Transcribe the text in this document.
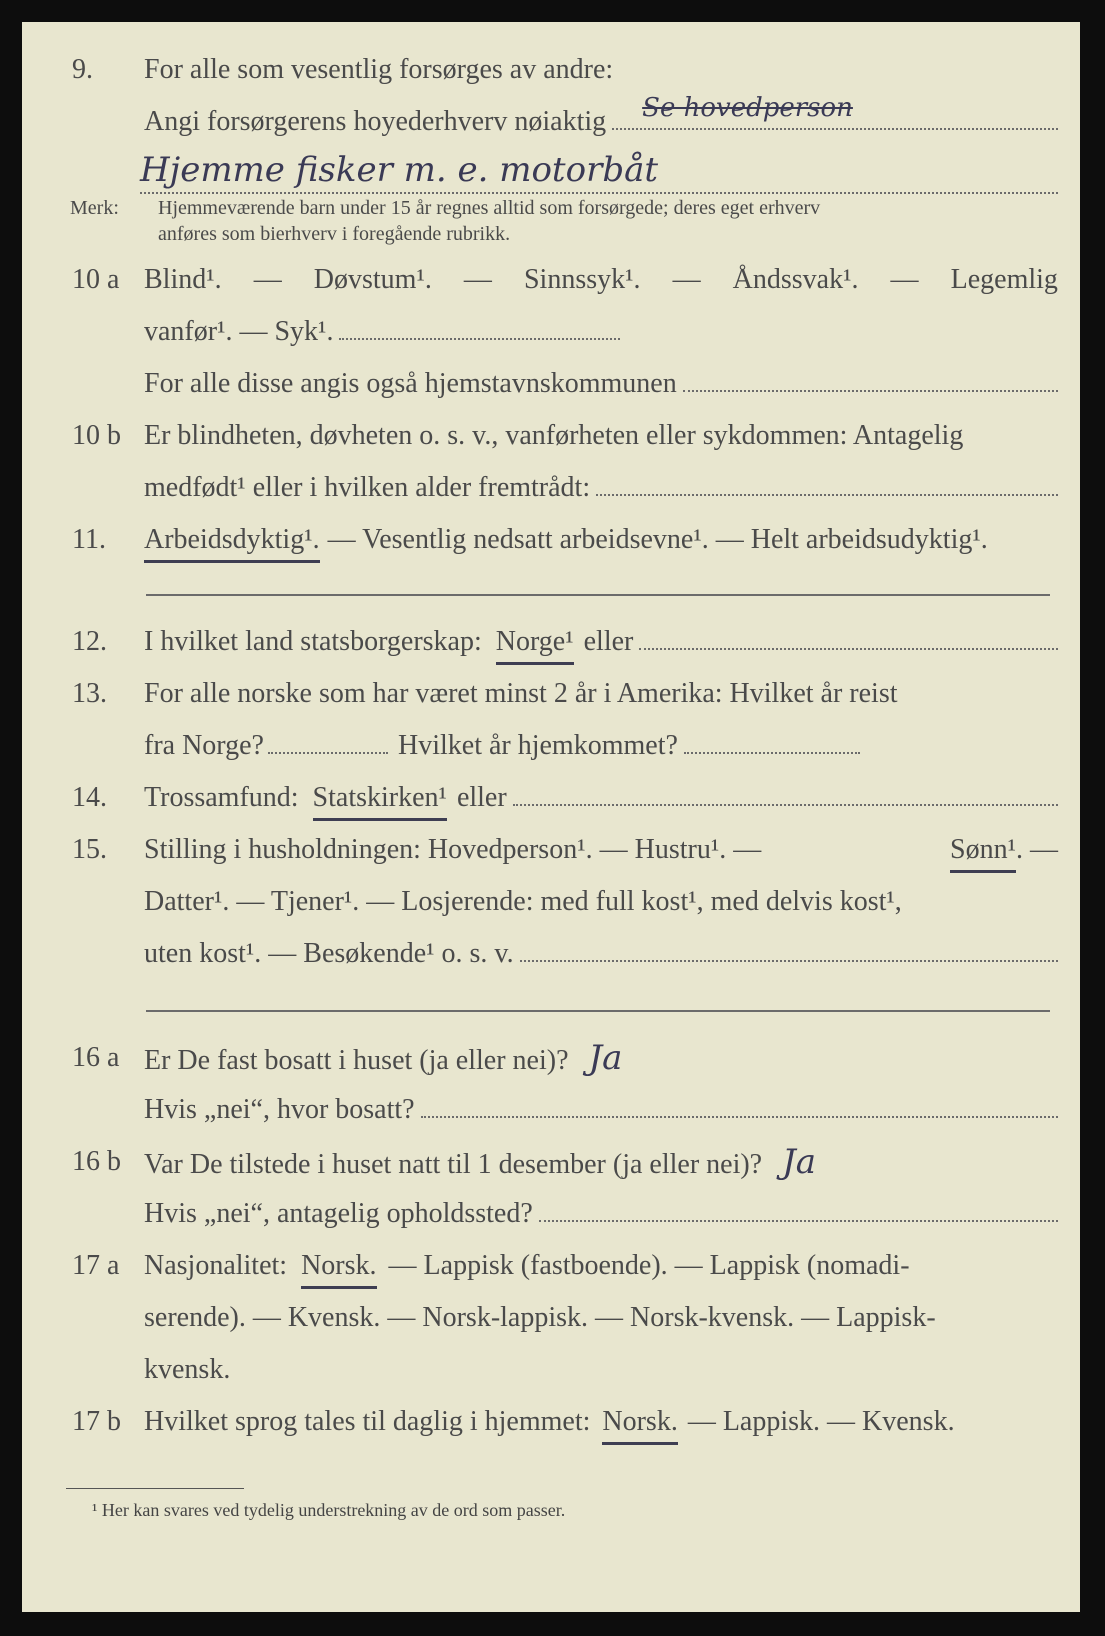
9.	For alle som vesentlig forsørges av andre:
Angi forsørgerens hoyederhverv nøiaktig Se hovedperson
Hjemme fisker m. e. motorbåt
Merk: Hjemmeværende barn under 15 år regnes alltid som forsørgede; deres eget erhverv
anføres som bierhverv i foregående rubrikk.
10 a Blind¹. — Døvstum¹. — Sinnssyk¹. — Åndssvak¹. — Legemlig
vanfør¹. — Syk¹.
For alle disse angis også hjemstavnskommunen
10 b Er blindheten, døvheten o. s. v., vanførheten eller sykdommen: Antagelig
medfødt¹ eller i hvilken alder fremtrådt:
11.	Arbeidsdyktig¹. — Vesentlig nedsatt arbeidsevne¹. — Helt arbeidsudyktig¹.
12.	I hvilket land statsborgerskap: Norge¹ eller
13.	For alle norske som har været minst 2 år i Amerika: Hvilket år reist
fra Norge?	Hvilket år hjemkommet?
14.	Trossamfund: Statskirken¹ eller
15.	Stilling i husholdningen: Hovedperson¹. — Hustru¹. —	Sønn¹ . —
Datter¹. — Tjener¹. — Losjerende: med full kost¹, med delvis kost¹,
uten kost¹. — Besøkende¹ o. s. v.
16 a Er De fast bosatt i huset (ja eller nei)? Ja
Hvis „nei“, hvor bosatt?
16 b Var De tilstede i huset natt til 1 desember (ja eller nei)? Ja
Hvis „nei“, antagelig opholdssted?
17 a Nasjonalitet: Norsk. — Lappisk (fastboende). — Lappisk (nomadi-
serende). — Kvensk. — Norsk-lappisk. — Norsk-kvensk. — Lappisk-
kvensk.
17 b Hvilket sprog tales til daglig i hjemmet: Norsk. — Lappisk. — Kvensk.
¹ Her kan svares ved tydelig understrekning av de ord som passer.
